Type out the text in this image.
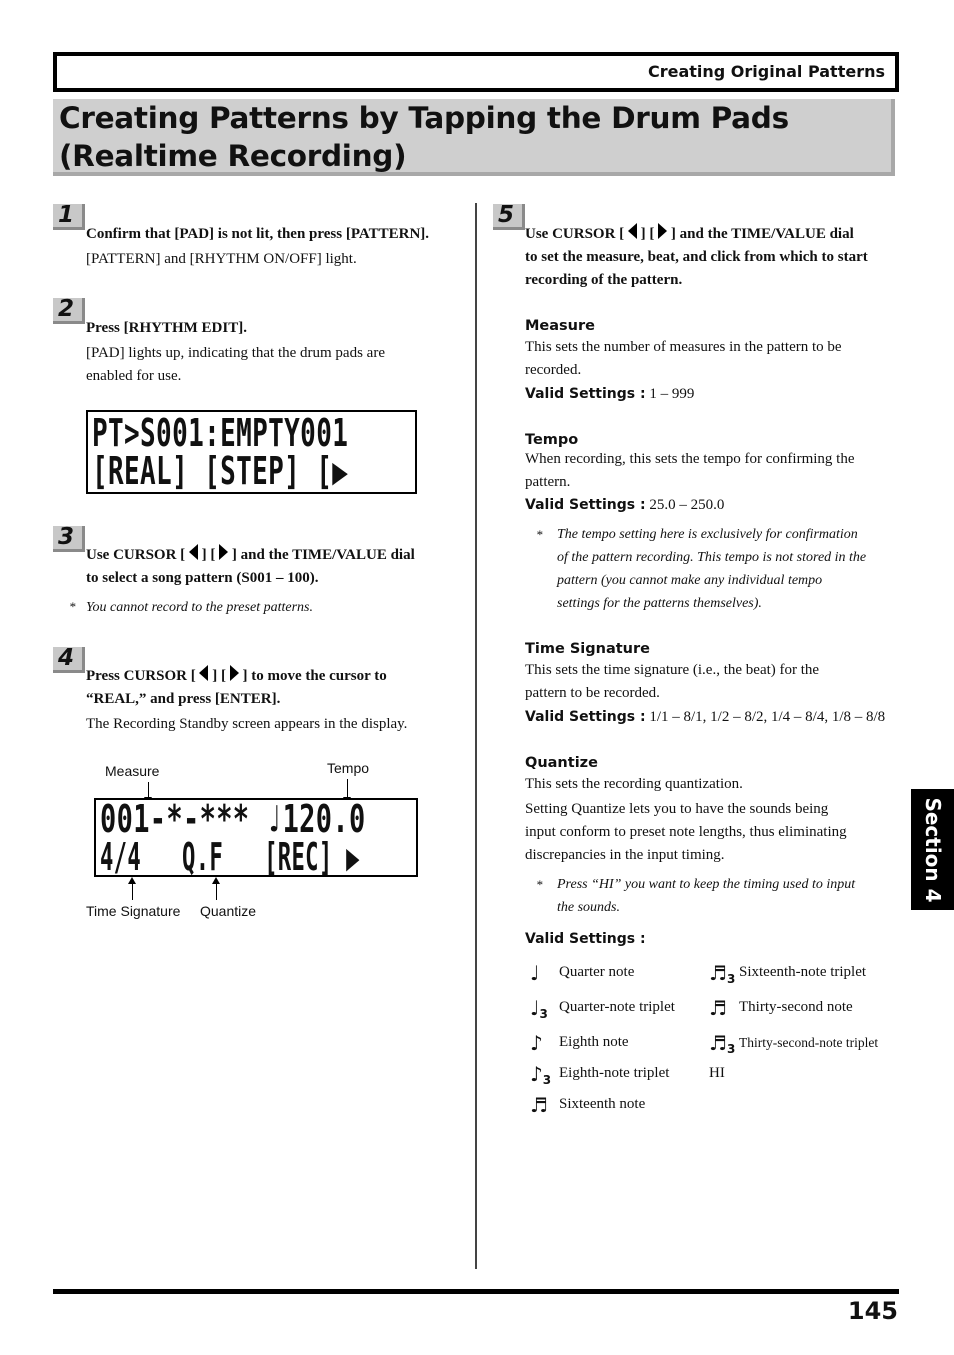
Creating Original Patterns
Creating Patterns by Tapping the Drum Pads
(Realtime Recording)
1
Confirm that [PAD] is not lit, then press [PATTERN].
[PATTERN] and [RHYTHM ON/OFF] light.
2
Press [RHYTHM EDIT].
[PAD] lights up, indicating that the drum pads are
enabled for use.
PT>S001:EMPTY001
[REAL] [STEP] [▶
3
Use CURSOR [ ] [ ] and the TIME/VALUE dial
to select a song pattern (S001 – 100).
* You cannot record to the preset patterns.
4
Press CURSOR [ ] [ ] to move the cursor to
“REAL,” and press [ENTER].
The Recording Standby screen appears in the display.
Measure	Tempo
001-*-*** ♩120.0
4/4   Q.F   [REC] ▶
Time Signature Quantize
5
Use CURSOR [ ] [ ] and the TIME/VALUE dial
to set the measure, beat, and click from which to start
recording of the pattern.
Measure
This sets the number of measures in the pattern to be
recorded.
Valid Settings : 1 – 999
Tempo
When recording, this sets the tempo for confirming the
pattern.
Valid Settings : 25.0 – 250.0
* The tempo setting here is exclusively for confirmation
of the pattern recording. This tempo is not stored in the
pattern (you cannot make any individual tempo
settings for the patterns themselves).
Time Signature
This sets the time signature (i.e., the beat) for the
pattern to be recorded.
Valid Settings : 1/1 – 8/1, 1/2 – 8/2, 1/4 – 8/4, 1/8 – 8/8
Quantize
This sets the recording quantization.
Setting Quantize lets you to have the sounds being
input conform to preset note lengths, thus eliminating
discrepancies in the input timing.
* Press “HI” you want to keep the timing used to input
the sounds.
Valid Settings :
♩ Quarter note
$♩_3$ Quarter-note triplet
♪ Eighth note
$♪_3$ Eighth-note triplet
♬ Sixteenth note
$♬_3$ Sixteenth-note triplet
♬ Thirty-second note
$♬_3$ Thirty-second-note triplet
HI
Section 4
145
